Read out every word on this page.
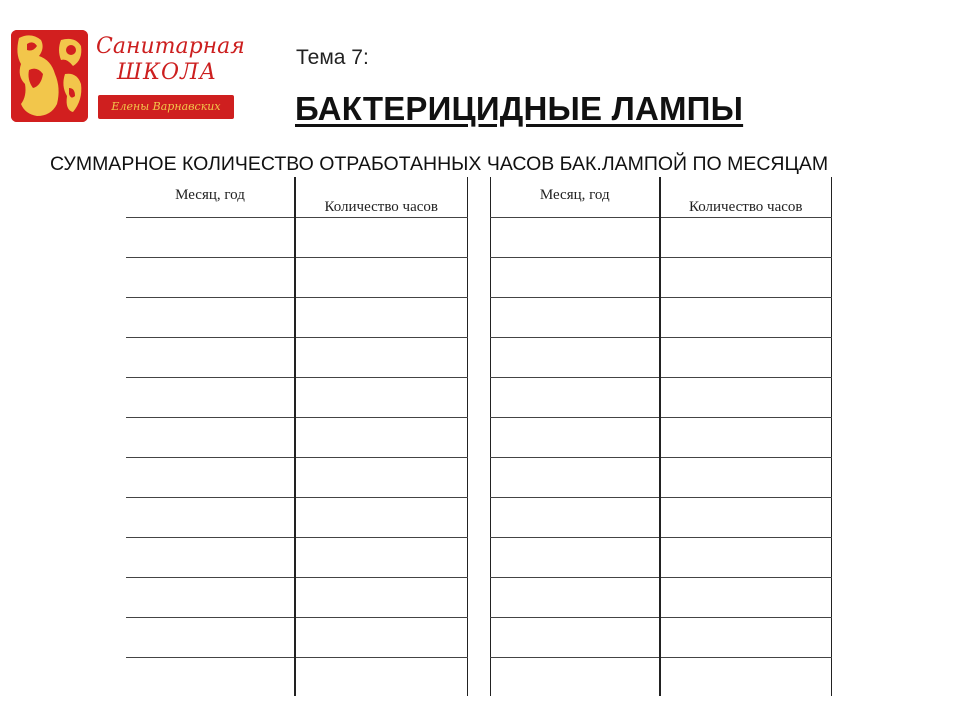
Санитарная
ШКОЛА
Елены Варнавских
Тема 7:
БАКТЕРИЦИДНЫЕ ЛАМПЫ
СУММАРНОЕ КОЛИЧЕСТВО ОТРАБОТАННЫХ ЧАСОВ БАК.ЛАМПОЙ ПО МЕСЯЦАМ
Месяц, год	Количество часов

Месяц, год	Количество часов
